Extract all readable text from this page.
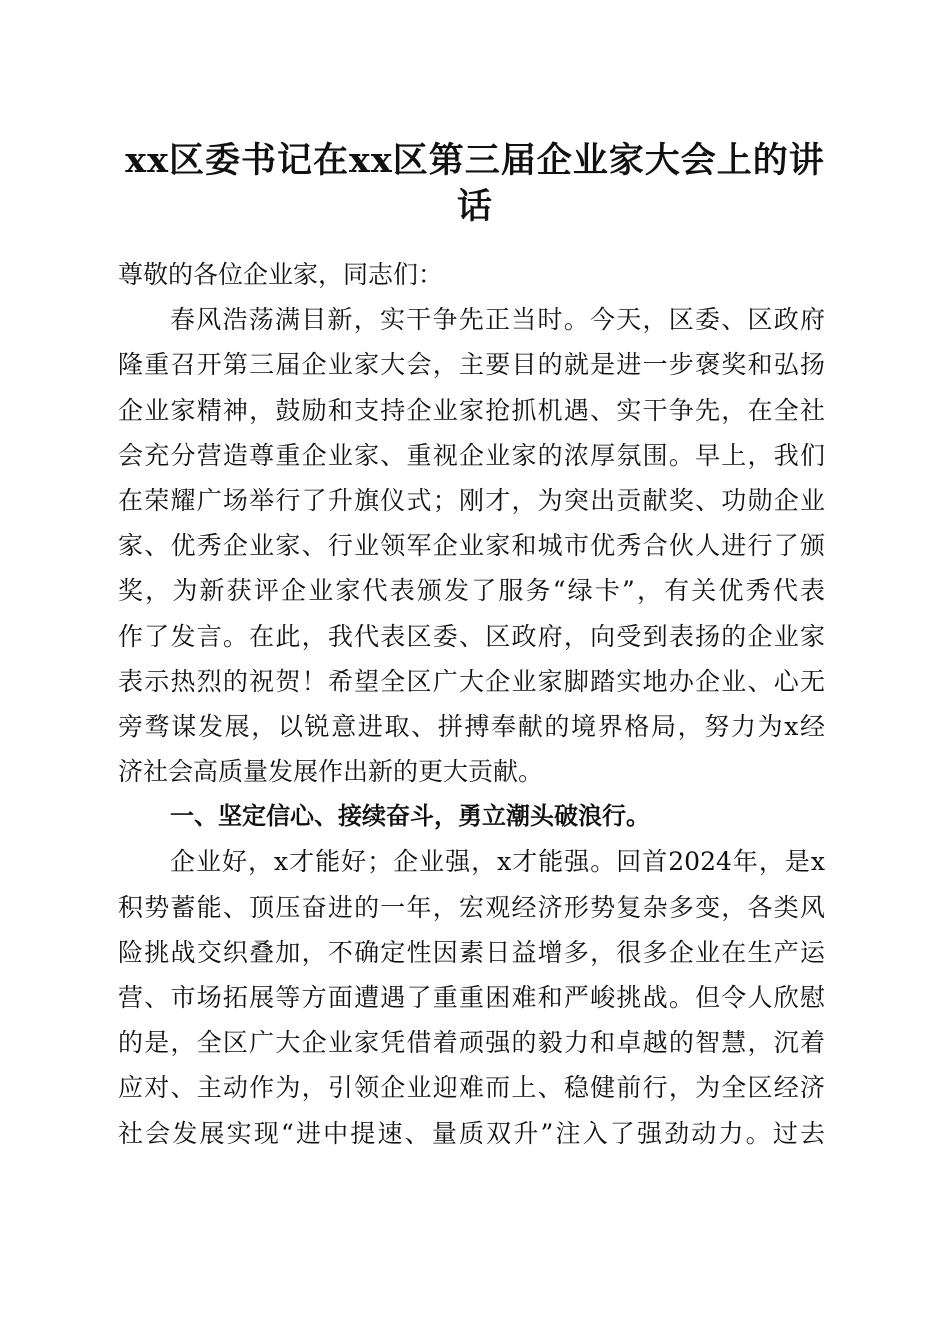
xx区委书记在xx区第三届企业家大会上的讲
话

尊敬的各位企业家，同志们：

春风浩荡满目新，实干争先正当时。今天，区委、区政府

隆重召开第三届企业家大会，主要目的就是进一步褒奖和弘扬

企业家精神，鼓励和支持企业家抢抓机遇、实干争先，在全社

会充分营造尊重企业家、重视企业家的浓厚氛围。早上，我们

在荣耀广场举行了升旗仪式；刚才，为突出贡献奖、功勋企业

家、优秀企业家、行业领军企业家和城市优秀合伙人进行了颁

奖，为新获评企业家代表颁发了服务“绿卡”，有关优秀代表

作了发言。在此，我代表区委、区政府，向受到表扬的企业家

表示热烈的祝贺！希望全区广大企业家脚踏实地办企业、心无

旁骛谋发展，以锐意进取、拼搏奉献的境界格局，努力为x经

济社会高质量发展作出新的更大贡献。

一、坚定信心、接续奋斗，勇立潮头破浪行。

企业好，x才能好；企业强，x才能强。回首2024年，是x

积势蓄能、顶压奋进的一年，宏观经济形势复杂多变，各类风

险挑战交织叠加，不确定性因素日益增多，很多企业在生产运

营、市场拓展等方面遭遇了重重困难和严峻挑战。但令人欣慰

的是，全区广大企业家凭借着顽强的毅力和卓越的智慧，沉着

应对、主动作为，引领企业迎难而上、稳健前行，为全区经济

社会发展实现“进中提速、量质双升”注入了强劲动力。过去
